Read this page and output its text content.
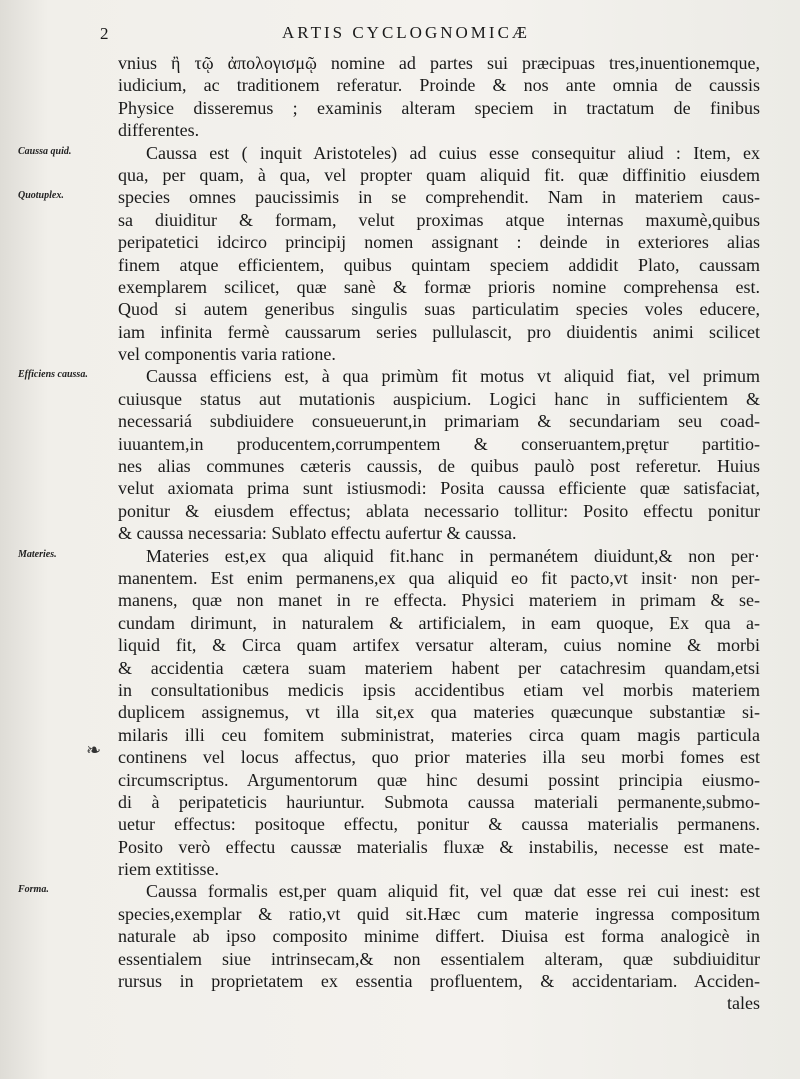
2	ARTIS CYCLOGNOMICÆ
❧
vnius ἢ τῷ ἀπολογισμῷ nomine ad partes sui præcipuas tres,inuentionemque,
iudicium, ac traditionem referatur. Proinde & nos ante omnia de caussis
Physice disseremus ; examinis alteram speciem in tractatum de finibus
differentes.
Caussa quid.
Quotuplex.
Caussa est ( inquit Aristoteles) ad cuius esse consequitur aliud : Item, ex
qua, per quam, à qua, vel propter quam aliquid fit. quæ diffinitio eiusdem
species omnes paucissimis in se comprehendit. Nam in materiem caus-
sa diuiditur & formam, velut proximas atque internas maxumè,quibus
peripatetici idcirco principij nomen assignant : deinde in exteriores alias
finem atque efficientem, quibus quintam speciem addidit Plato, caussam
exemplarem scilicet, quæ sanè & formæ prioris nomine comprehensa est.
Quod si autem generibus singulis suas particulatim species voles educere,
iam infinita fermè caussarum series pullulascit, pro diuidentis animi scilicet
vel componentis varia ratione.
Efficiens caussa.	Caussa efficiens est, à qua primùm fit motus vt aliquid fiat, vel primum
cuiusque status aut mutationis auspicium. Logici hanc in sufficientem &
necessariá subdiuidere consueuerunt,in primariam & secundariam seu coad-
iuuantem,in producentem,corrumpentem & conseruantem,prętur partitio-
nes alias communes cæteris caussis, de quibus paulò post referetur. Huius
velut axiomata prima sunt istiusmodi: Posita caussa efficiente quæ satisfaciat,
ponitur & eiusdem effectus; ablata necessario tollitur: Posito effectu ponitur
& caussa necessaria: Sublato effectu aufertur & caussa.
Materies.	Materies est,ex qua aliquid fit.hanc in permanétem diuidunt,& non per·
manentem. Est enim permanens,ex qua aliquid eo fit pacto,vt insit· non per-
manens, quæ non manet in re effecta. Physici materiem in primam & se-
cundam dirimunt, in naturalem & artificialem, in eam quoque, Ex qua a-
liquid fit, & Circa quam artifex versatur alteram, cuius nomine & morbi
& accidentia cætera suam materiem habent per catachresim quandam,etsi
in consultationibus medicis ipsis accidentibus etiam vel morbis materiem
duplicem assignemus, vt illa sit,ex qua materies quæcunque substantiæ si-
milaris illi ceu fomitem subministrat, materies circa quam magis particula
continens vel locus affectus, quo prior materies illa seu morbi fomes est
circumscriptus. Argumentorum quæ hinc desumi possint principia eiusmo-
di à peripateticis hauriuntur. Submota caussa materiali permanente,submo-
uetur effectus: positoque effectu, ponitur & caussa materialis permanens.
Posito verò effectu caussæ materialis fluxæ & instabilis, necesse est mate-
riem extitisse.
Forma.	Caussa formalis est,per quam aliquid fit, vel quæ dat esse rei cui inest: est
species,exemplar & ratio,vt quid sit.Hæc cum materie ingressa compositum
naturale ab ipso composito minime differt. Diuisa est forma analogicè in
essentialem siue intrinsecam,& non essentialem alteram, quæ subdiuiditur
rursus in proprietatem ex essentia profluentem, & accidentariam. Acciden-
tales
